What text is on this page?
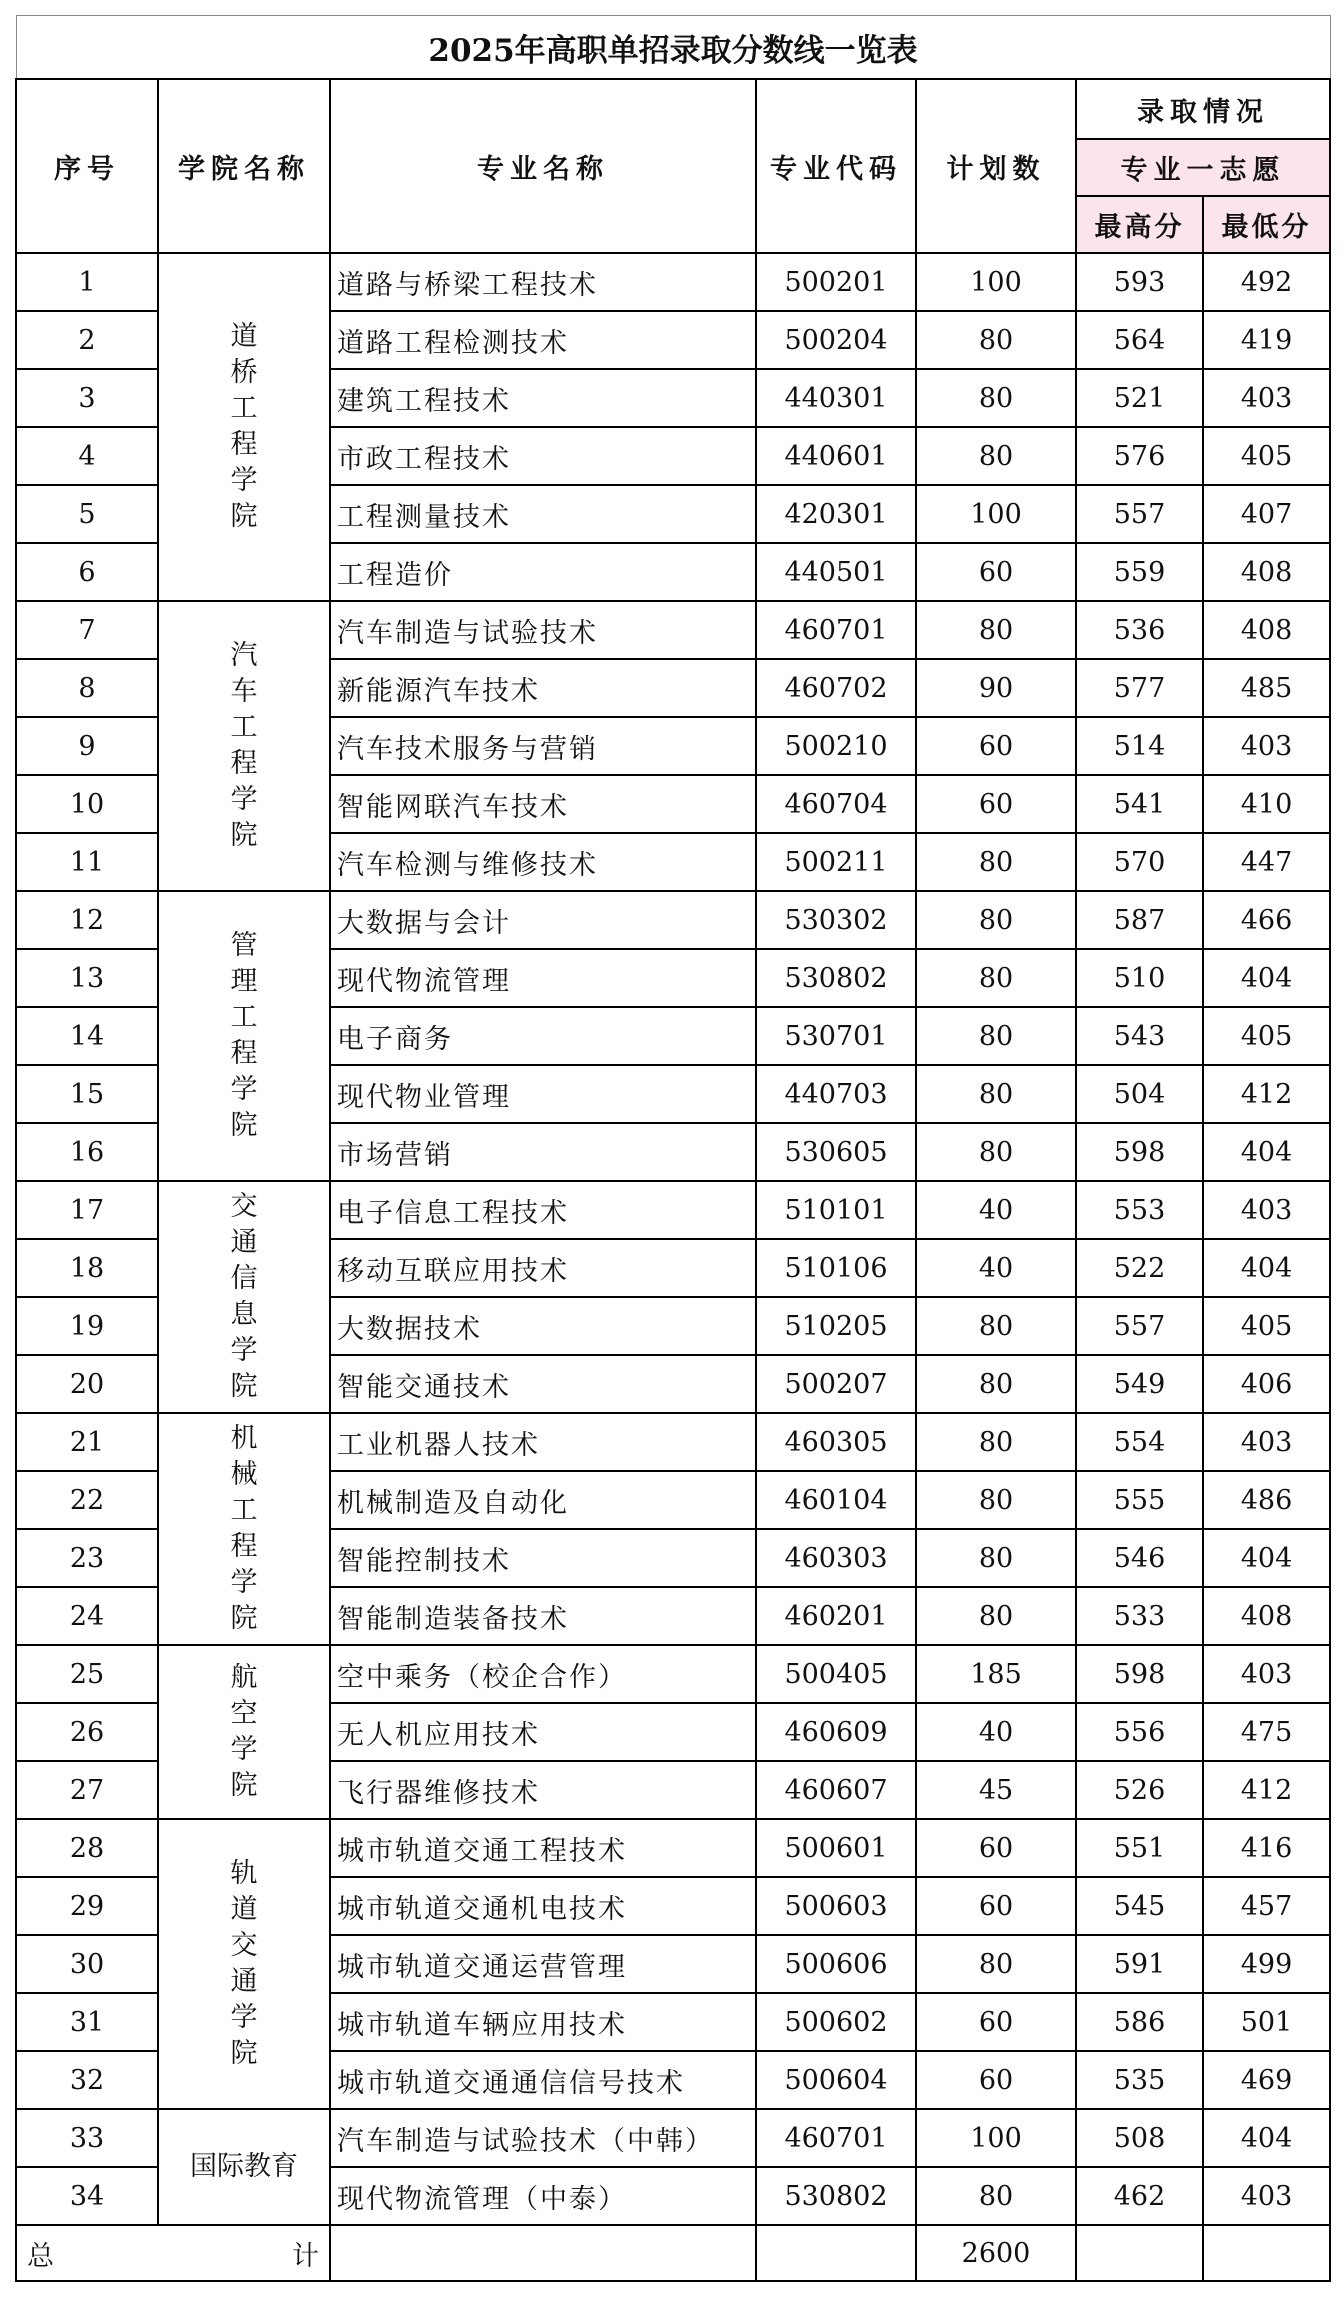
2025年高职单招录取分数线一览表						
序号	学院名称	专业名称	专业代码	计划数	录取情况	
					专业一志愿	
					最高分	最低分
1	道桥工程学院	道路与桥梁工程技术	500201	100	593	492
2		道路工程检测技术	500204	80	564	419
3		建筑工程技术	440301	80	521	403
4		市政工程技术	440601	80	576	405
5		工程测量技术	420301	100	557	407
6		工程造价	440501	60	559	408
7	汽车工程学院	汽车制造与试验技术	460701	80	536	408
8		新能源汽车技术	460702	90	577	485
9		汽车技术服务与营销	500210	60	514	403
10		智能网联汽车技术	460704	60	541	410
11		汽车检测与维修技术	500211	80	570	447
12	管理工程学院	大数据与会计	530302	80	587	466
13		现代物流管理	530802	80	510	404
14		电子商务	530701	80	543	405
15		现代物业管理	440703	80	504	412
16		市场营销	530605	80	598	404
17	交通信息学院	电子信息工程技术	510101	40	553	403
18		移动互联应用技术	510106	40	522	404
19		大数据技术	510205	80	557	405
20		智能交通技术	500207	80	549	406
21	机械工程学院	工业机器人技术	460305	80	554	403
22		机械制造及自动化	460104	80	555	486
23		智能控制技术	460303	80	546	404
24		智能制造装备技术	460201	80	533	408
25	航空学院	空中乘务（校企合作）	500405	185	598	403
26		无人机应用技术	460609	40	556	475
27		飞行器维修技术	460607	45	526	412
28	轨道交通学院	城市轨道交通工程技术	500601	60	551	416
29		城市轨道交通机电技术	500603	60	545	457
30		城市轨道交通运营管理	500606	80	591	499
31		城市轨道车辆应用技术	500602	60	586	501
32		城市轨道交通通信信号技术	500604	60	535	469
33	国际教育	汽车制造与试验技术（中韩）	460701	100	508	404
34		现代物流管理（中泰）	530802	80	462	403

总 计				2600		
